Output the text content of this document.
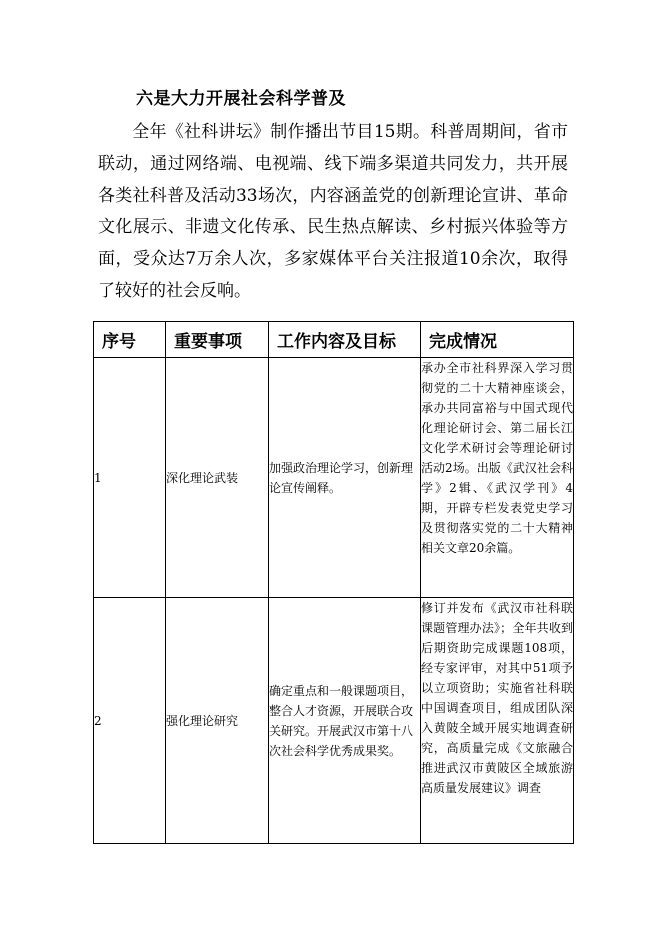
六是大力开展社会科学普及

全年《社科讲坛》制作播出节目15期。科普周期间，省市联动，通过网络端、电视端、线下端多渠道共同发力，共开展各类社科普及活动33场次，内容涵盖党的创新理论宣讲、革命文化展示、非遗文化传承、民生热点解读、乡村振兴体验等方面，受众达7万余人次，多家媒体平台关注报道10余次，取得了较好的社会反响。

序号	重要事项	工作内容及目标	完成情况
1	深化理论武装	加强政治理论学习，创新理论宣传阐释。	承办全市社科界深入学习贯彻党的二十大精神座谈会，承办共同富裕与中国式现代化理论研讨会、第二届长江文化学术研讨会等理论研讨活动2场。出版《武汉社会科学》2辑、《武汉学刊》4期，开辟专栏发表党史学习及贯彻落实党的二十大精神相关文章20余篇。
2	强化理论研究	确定重点和一般课题项目，整合人才资源，开展联合攻关研究。开展武汉市第十八次社会科学优秀成果奖。	修订并发布《武汉市社科联课题管理办法》；全年共收到后期资助完成课题108项，经专家评审，对其中51项予以立项资助；实施省社科联中国调查项目，组成团队深入黄陂全域开展实地调查研究，高质量完成《文旅融合推进武汉市黄陂区全域旅游高质量发展建议》调查
